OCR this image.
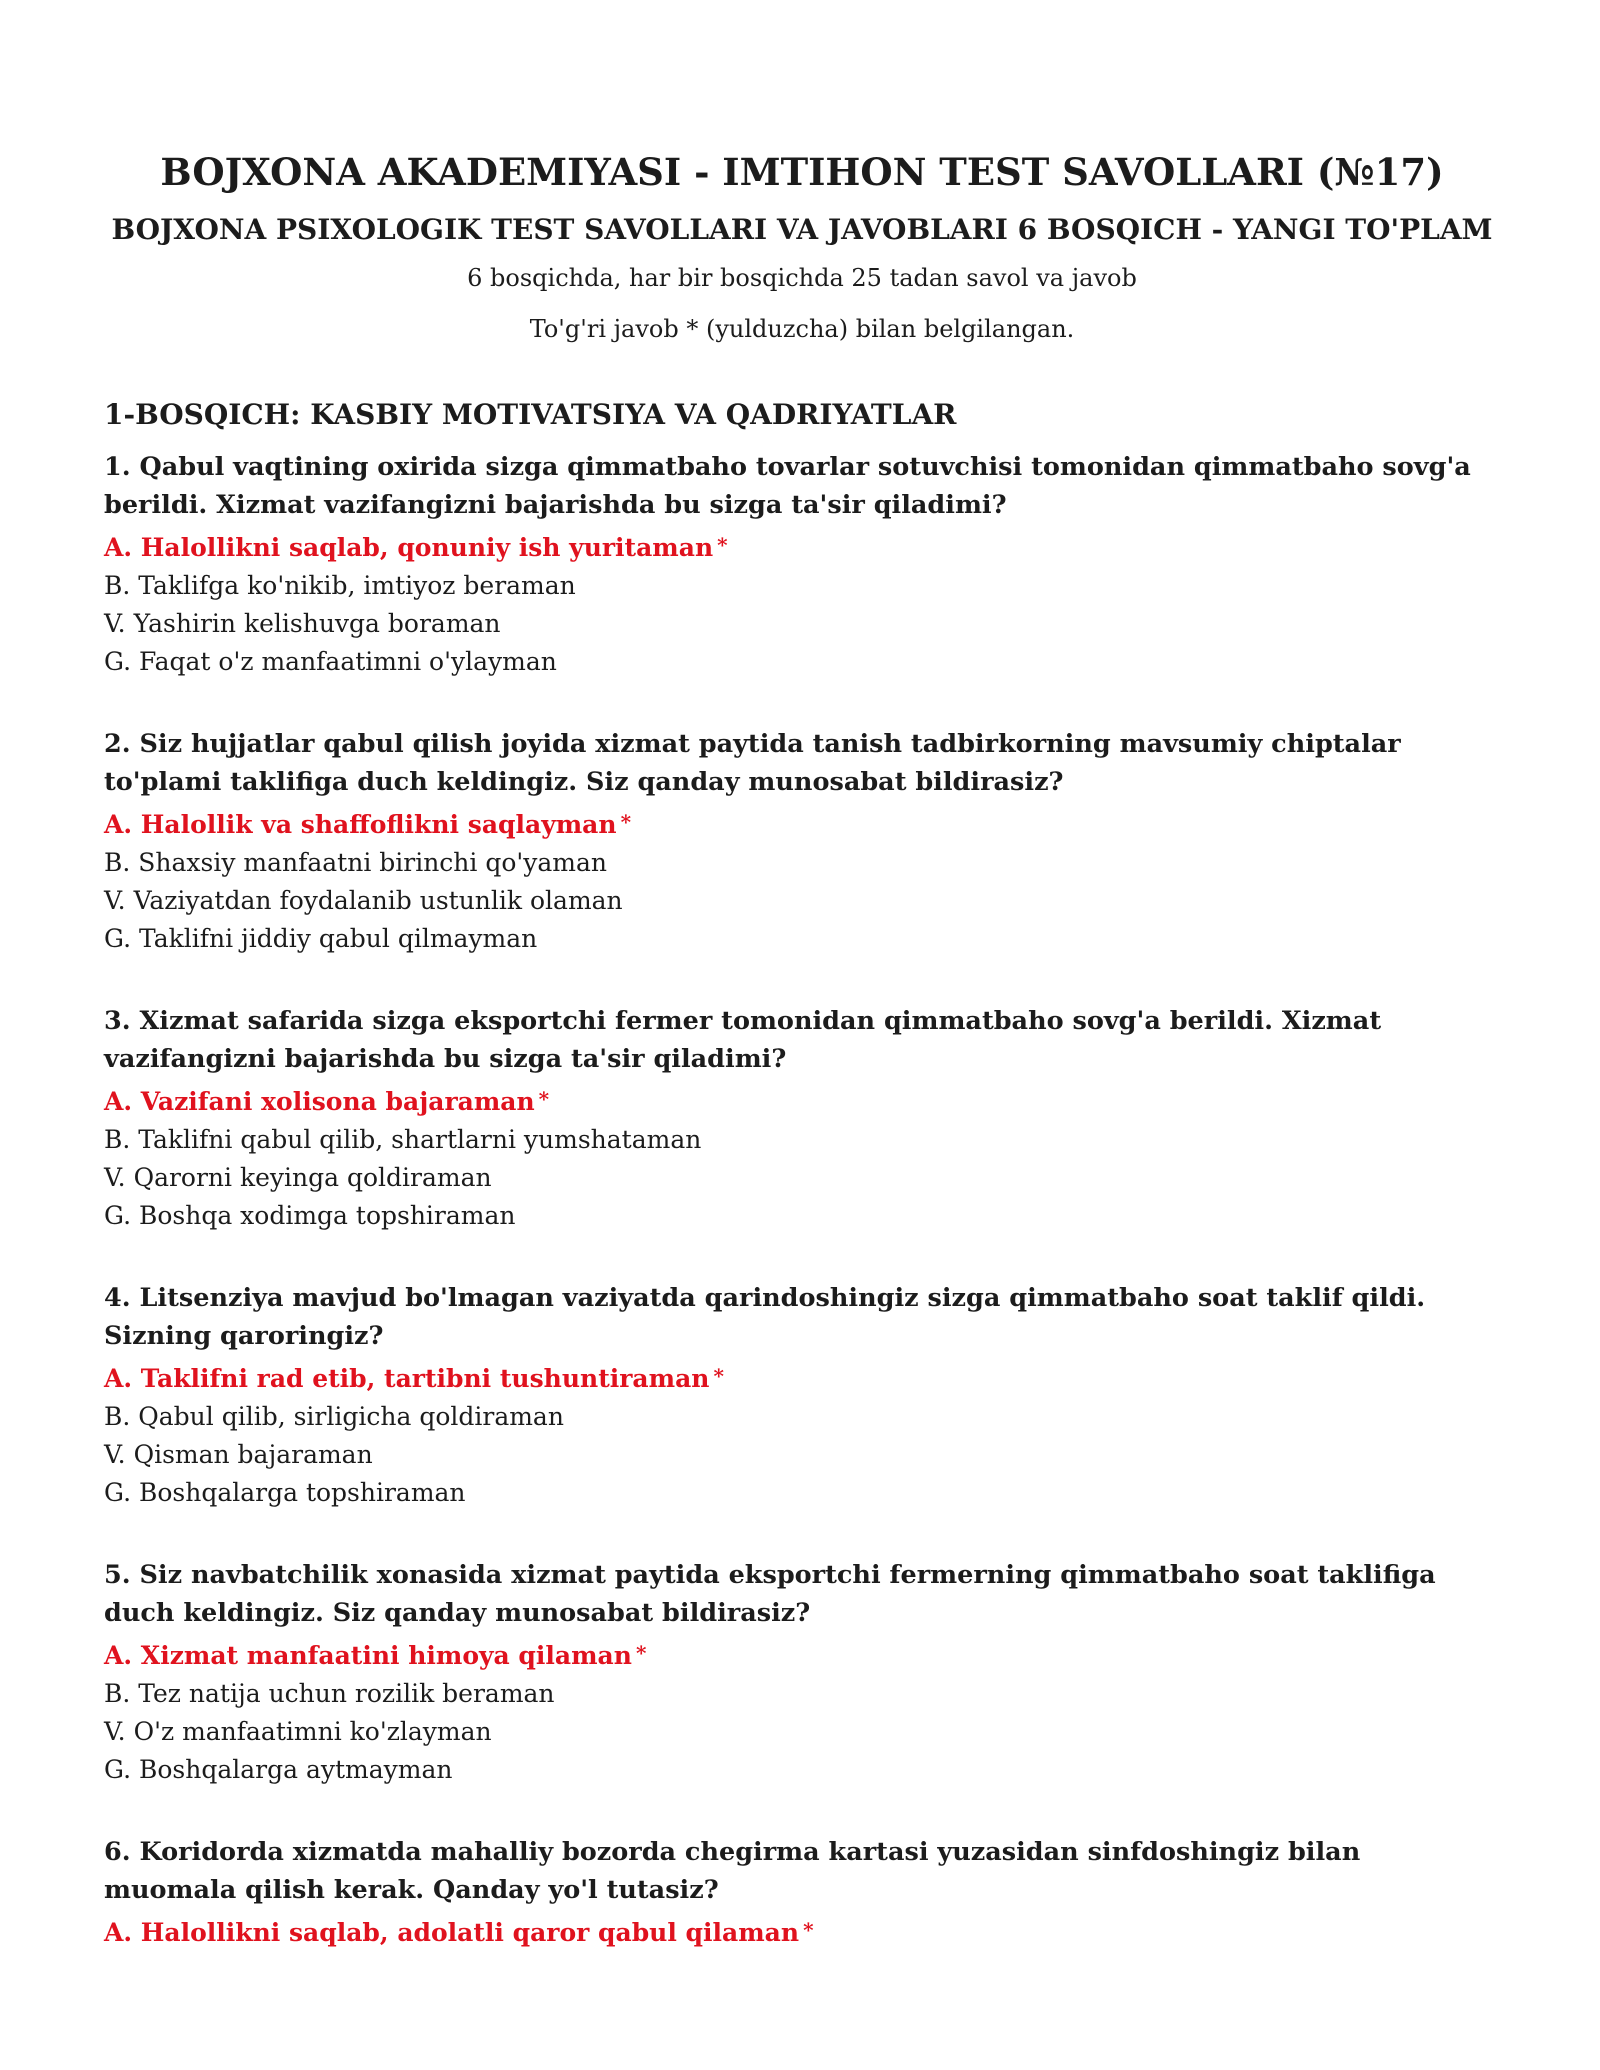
BOJXONA AKADEMIYASI - IMTIHON TEST SAVOLLARI (№17)
BOJXONA PSIXOLOGIK TEST SAVOLLARI VA JAVOBLARI 6 BOSQICH - YANGI TO'PLAM
6 bosqichda, har bir bosqichda 25 tadan savol va javob
To'g'ri javob * (yulduzcha) bilan belgilangan.
1-BOSQICH: KASBIY MOTIVATSIYA VA QADRIYATLAR
1. Qabul vaqtining oxirida sizga qimmatbaho tovarlar sotuvchisi tomonidan qimmatbaho sovg'a berildi. Xizmat vazifangizni bajarishda bu sizga ta'sir qiladimi?
A. Halollikni saqlab, qonuniy ish yuritaman *
B. Taklifga ko'nikib, imtiyoz beraman
V. Yashirin kelishuvga boraman
G. Faqat o'z manfaatimni o'ylayman
2. Siz hujjatlar qabul qilish joyida xizmat paytida tanish tadbirkorning mavsumiy chiptalar to'plami taklifiga duch keldingiz. Siz qanday munosabat bildirasiz?
A. Halollik va shaffoflikni saqlayman *
B. Shaxsiy manfaatni birinchi qo'yaman
V. Vaziyatdan foydalanib ustunlik olaman
G. Taklifni jiddiy qabul qilmayman
3. Xizmat safarida sizga eksportchi fermer tomonidan qimmatbaho sovg'a berildi. Xizmat vazifangizni bajarishda bu sizga ta'sir qiladimi?
A. Vazifani xolisona bajaraman *
B. Taklifni qabul qilib, shartlarni yumshataman
V. Qarorni keyinga qoldiraman
G. Boshqa xodimga topshiraman
4. Litsenziya mavjud bo'lmagan vaziyatda qarindoshingiz sizga qimmatbaho soat taklif qildi. Sizning qaroringiz?
A. Taklifni rad etib, tartibni tushuntiraman *
B. Qabul qilib, sirligicha qoldiraman
V. Qisman bajaraman
G. Boshqalarga topshiraman
5. Siz navbatchilik xonasida xizmat paytida eksportchi fermerning qimmatbaho soat taklifiga duch keldingiz. Siz qanday munosabat bildirasiz?
A. Xizmat manfaatini himoya qilaman *
B. Tez natija uchun rozilik beraman
V. O'z manfaatimni ko'zlayman
G. Boshqalarga aytmayman
6. Koridorda xizmatda mahalliy bozorda chegirma kartasi yuzasidan sinfdoshingiz bilan muomala qilish kerak. Qanday yo'l tutasiz?
A. Halollikni saqlab, adolatli qaror qabul qilaman *
